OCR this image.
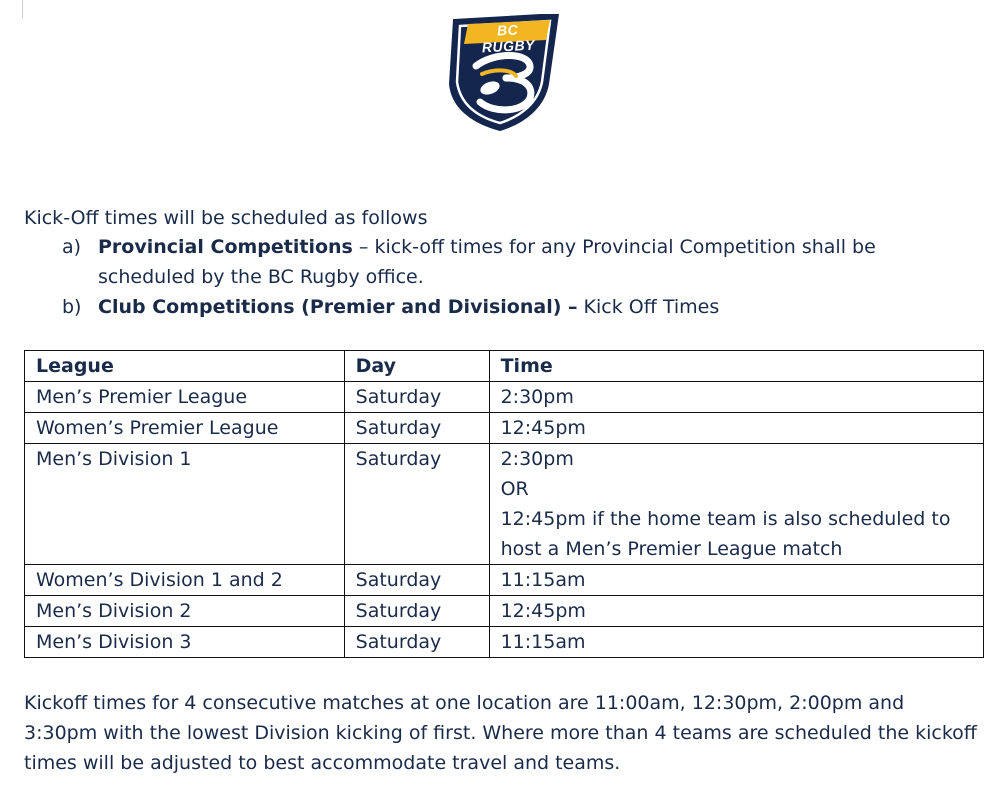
BC RUGBY

Kick-Off times will be scheduled as follows

a) Provincial Competitions – kick-off times for any Provincial Competition shall be scheduled by the BC Rugby office.
b) Club Competitions (Premier and Divisional) – Kick Off Times
League	Day	Time
Men’s Premier League	Saturday	2:30pm

Women’s Premier League	Saturday	12:45pm

Men’s Division 1	Saturday	2:30pm
OR
12:45pm if the home team is also scheduled to
host a Men’s Premier League match

Women’s Division 1 and 2	Saturday	11:15am

Men’s Division 2	Saturday	12:45pm

Men’s Division 3	Saturday	11:15am

Kickoff times for 4 consecutive matches at one location are 11:00am, 12:30pm, 2:00pm and 3:30pm with the lowest Division kicking of first. Where more than 4 teams are scheduled the kickoff times will be adjusted to best accommodate travel and teams.
